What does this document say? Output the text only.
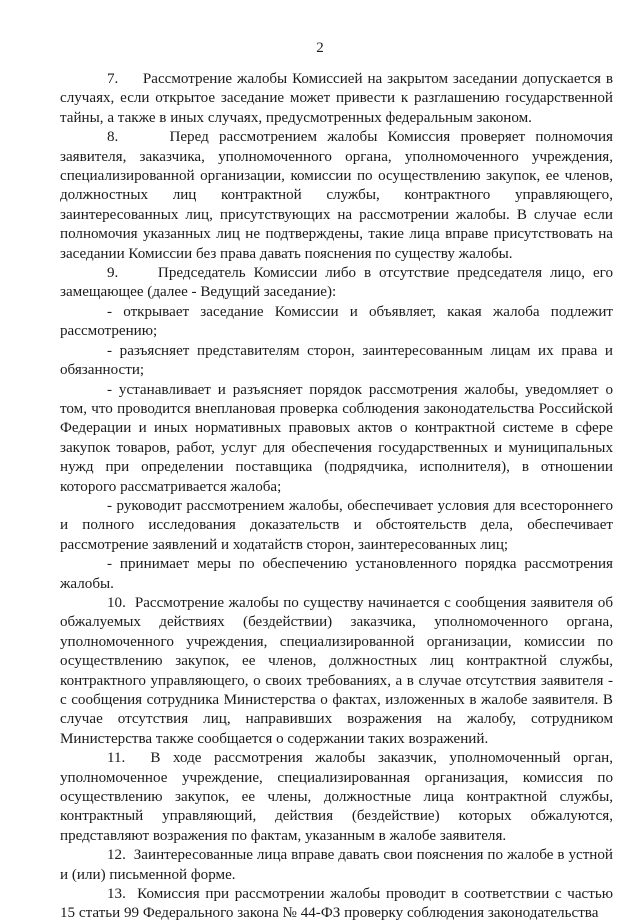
2

7.     Рассмотрение жалобы Комиссией на закрытом заседании допускается в случаях, если открытое заседание может привести к разглашению государственной тайны, а также в иных случаях, предусмотренных федеральным законом.

8.     Перед рассмотрением жалобы Комиссия проверяет полномочия заявителя, заказчика, уполномоченного органа, уполномоченного учреждения, специализированной организации, комиссии по осуществлению закупок, ее членов, должностных лиц контрактной службы, контрактного управляющего, заинтересованных лиц, присутствующих на рассмотрении жалобы. В случае если полномочия указанных лиц не подтверждены, такие лица вправе присутствовать на заседании Комиссии без права давать пояснения по существу жалобы.

9.     Председатель Комиссии либо в отсутствие председателя лицо, его замещающее (далее - Ведущий заседание):

- открывает заседание Комиссии и объявляет, какая жалоба подлежит рассмотрению;

- разъясняет представителям сторон, заинтересованным лицам их права и обязанности;

- устанавливает и разъясняет порядок рассмотрения жалобы, уведомляет о том, что проводится внеплановая проверка соблюдения законодательства Российской Федерации и иных нормативных правовых актов о контрактной системе в сфере закупок товаров, работ, услуг для обеспечения государственных и муниципальных нужд при определении поставщика (подрядчика, исполнителя), в отношении которого рассматривается жалоба;

- руководит рассмотрением жалобы, обеспечивает условия для всестороннего и полного исследования доказательств и обстоятельств дела, обеспечивает рассмотрение заявлений и ходатайств сторон, заинтересованных лиц;

- принимает меры по обеспечению установленного порядка рассмотрения жалобы.

10.  Рассмотрение жалобы по существу начинается с сообщения заявителя об обжалуемых действиях (бездействии) заказчика, уполномоченного органа, уполномоченного учреждения, специализированной организации, комиссии по осуществлению закупок, ее членов, должностных лиц контрактной службы, контрактного управляющего, о своих требованиях, а в случае отсутствия заявителя - с сообщения сотрудника Министерства о фактах, изложенных в жалобе заявителя. В случае отсутствия лиц, направивших возражения на жалобу, сотрудником Министерства также сообщается о содержании таких возражений.

11.  В ходе рассмотрения жалобы заказчик, уполномоченный орган, уполномоченное учреждение, специализированная организация, комиссия по осуществлению закупок, ее члены, должностные лица контрактной службы, контрактный управляющий, действия (бездействие) которых обжалуются, представляют возражения по фактам, указанным в жалобе заявителя.

12.  Заинтересованные лица вправе давать свои пояснения по жалобе в устной и (или) письменной форме.

13.  Комиссия при рассмотрении жалобы проводит в соответствии с частью 15 статьи 99 Федерального закона № 44-ФЗ проверку соблюдения законодательства
